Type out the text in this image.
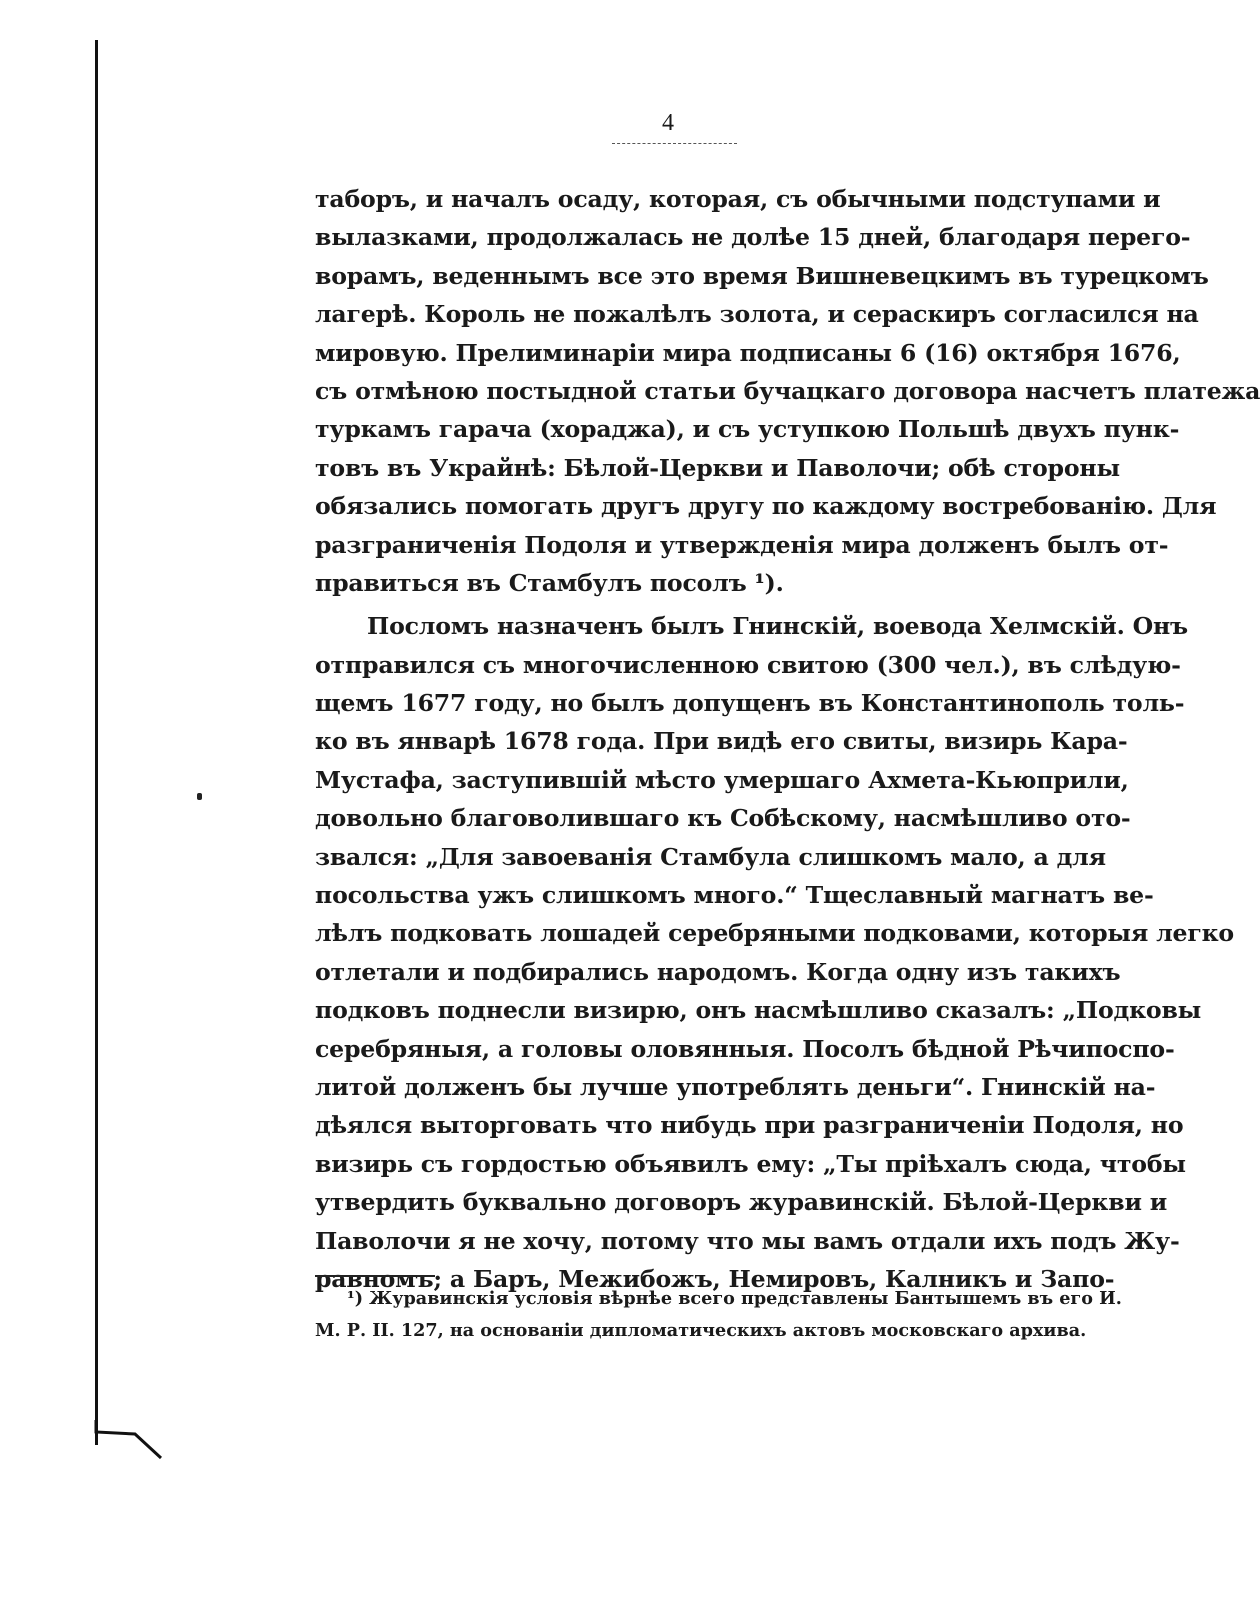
4
таборъ, и началъ осаду, которая, съ обычными подступами и
вылазками, продолжалась не долѣе 15 дней, благодаря перего-
ворамъ, веденнымъ все это время Вишневецкимъ въ турецкомъ
лагерѣ. Король не пожалѣлъ золота, и сераскиръ согласился на
мировую. Прелиминаріи мира подписаны 6 (16) октября 1676,
съ отмѣною постыдной статьи бучацкаго договора насчетъ платежа
туркамъ гарача (хораджа), и съ уступкою Польшѣ двухъ пунк-
товъ въ Украйнѣ: Бѣлой-Церкви и Паволочи; обѣ стороны
обязались помогать другъ другу по каждому востребованію. Для
разграниченія Подоля и утвержденія мира долженъ былъ от-
правиться въ Стамбулъ посолъ ¹).
Посломъ назначенъ былъ Гнинскій, воевода Хелмскій. Онъ
отправился съ многочисленною свитою (300 чел.), въ слѣдую-
щемъ 1677 году, но былъ допущенъ въ Константинополь толь-
ко въ январѣ 1678 года. При видѣ его свиты, визирь Кара-
Мустафа, заступившій мѣсто умершаго Ахмета-Кьюприли,
довольно благоволившаго къ Собѣскому, насмѣшливо ото-
звался: „Для завоеванія Стамбула слишкомъ мало, а для
посольства ужъ слишкомъ много.“ Тщеславный магнатъ ве-
лѣлъ подковать лошадей серебряными подковами, которыя легко
отлетали и подбирались народомъ. Когда одну изъ такихъ
подковъ поднесли визирю, онъ насмѣшливо сказалъ: „Подковы
серебряныя, а головы оловянныя. Посолъ бѣдной Рѣчипоспо-
литой долженъ бы лучше употреблять деньги“. Гнинскій на-
дѣялся выторговать что нибудь при разграниченіи Подоля, но
визирь съ гордостью объявилъ ему: „Ты пріѣхалъ сюда, чтобы
утвердить буквально договоръ журавинскій. Бѣлой-Церкви и
Паволочи я не хочу, потому что мы вамъ отдали ихъ подъ Жу-
равномъ; а Баръ, Межибожъ, Немировъ, Калникъ и Запо-
¹) Журавинскія условія вѣрнѣе всего представлены Бантышемъ въ его И.
М. Р. II. 127, на основаніи дипломатическихъ актовъ московскаго архива.
